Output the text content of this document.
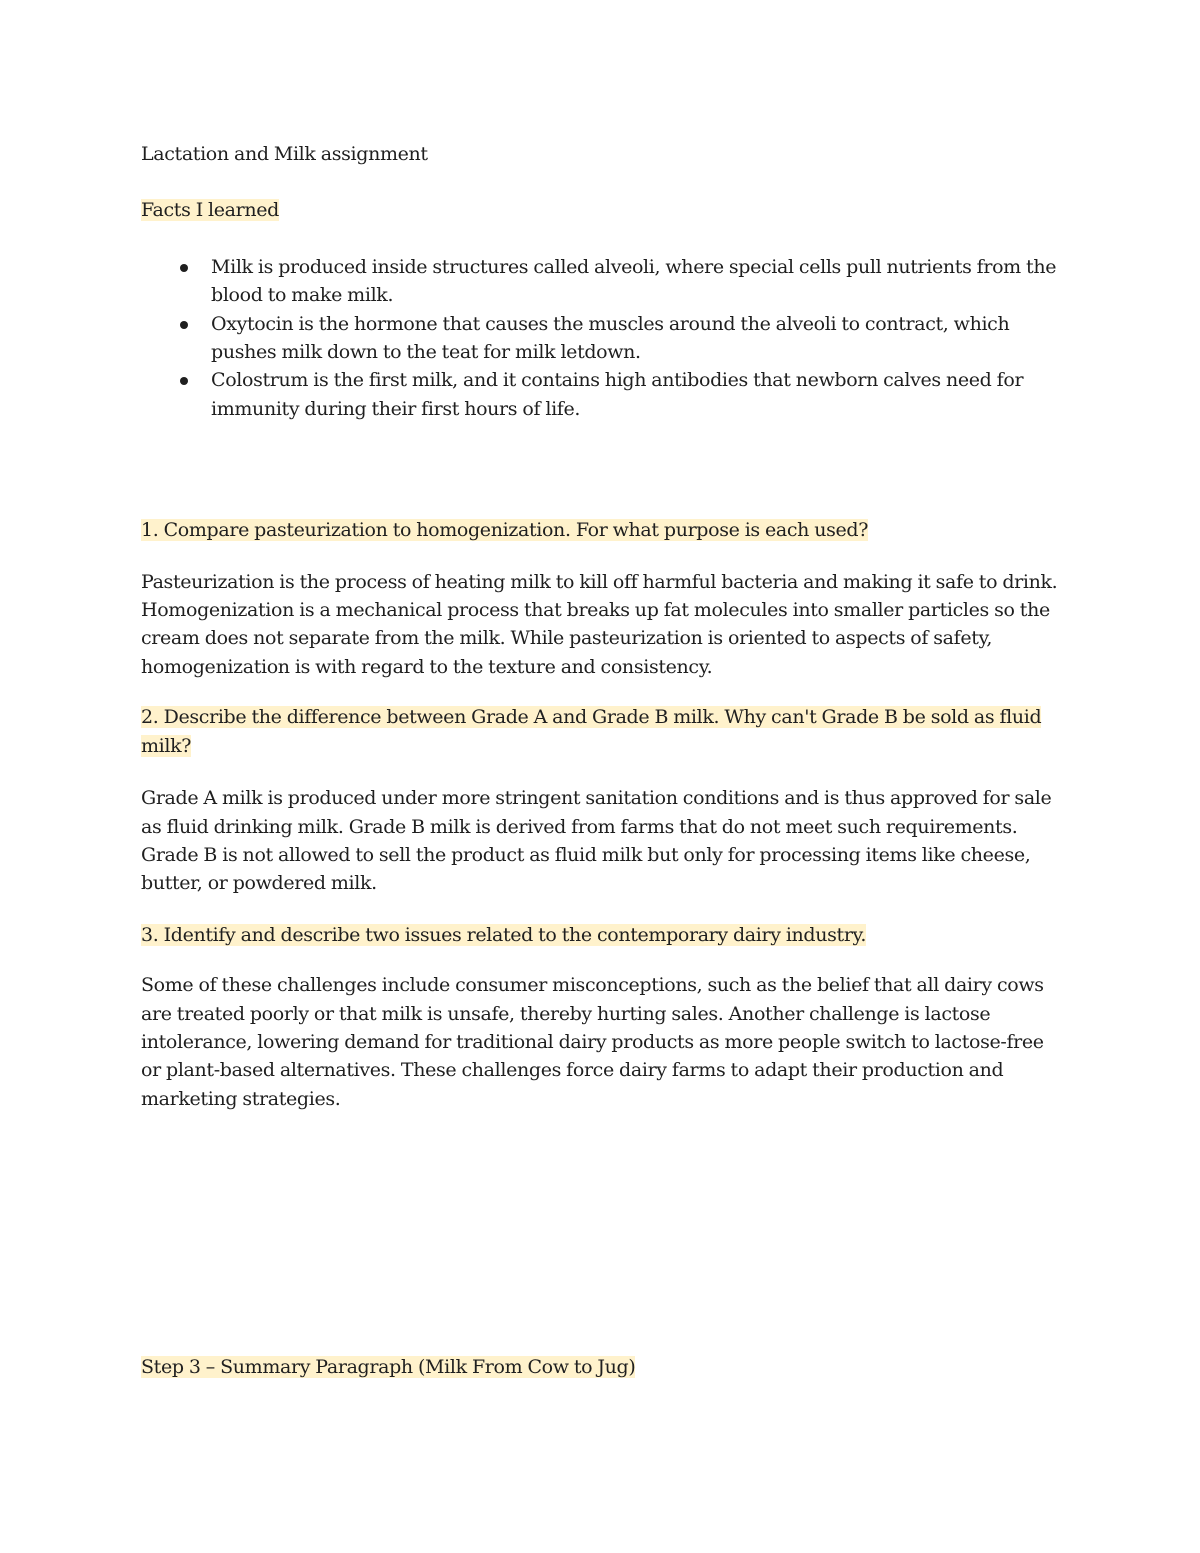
Lactation and Milk assignment

Facts I learned

Milk is produced inside structures called alveoli, where special cells pull nutrients from the blood to make milk.
Oxytocin is the hormone that causes the muscles around the alveoli to contract, which pushes milk down to the teat for milk letdown.
Colostrum is the first milk, and it contains high antibodies that newborn calves need for immunity during their first hours of life.

1. Compare pasteurization to homogenization. For what purpose is each used?

Pasteurization is the process of heating milk to kill off harmful bacteria and making it safe to drink. Homogenization is a mechanical process that breaks up fat molecules into smaller particles so the cream does not separate from the milk. While pasteurization is oriented to aspects of safety, homogenization is with regard to the texture and consistency.

2. Describe the difference between Grade A and Grade B milk. Why can't Grade B be sold as fluid milk?

Grade A milk is produced under more stringent sanitation conditions and is thus approved for sale as fluid drinking milk. Grade B milk is derived from farms that do not meet such requirements. Grade B is not allowed to sell the product as fluid milk but only for processing items like cheese, butter, or powdered milk.

3. Identify and describe two issues related to the contemporary dairy industry.

Some of these challenges include consumer misconceptions, such as the belief that all dairy cows are treated poorly or that milk is unsafe, thereby hurting sales. Another challenge is lactose intolerance, lowering demand for traditional dairy products as more people switch to lactose-free or plant-based alternatives. These challenges force dairy farms to adapt their production and marketing strategies.

Step 3 – Summary Paragraph (Milk From Cow to Jug)
